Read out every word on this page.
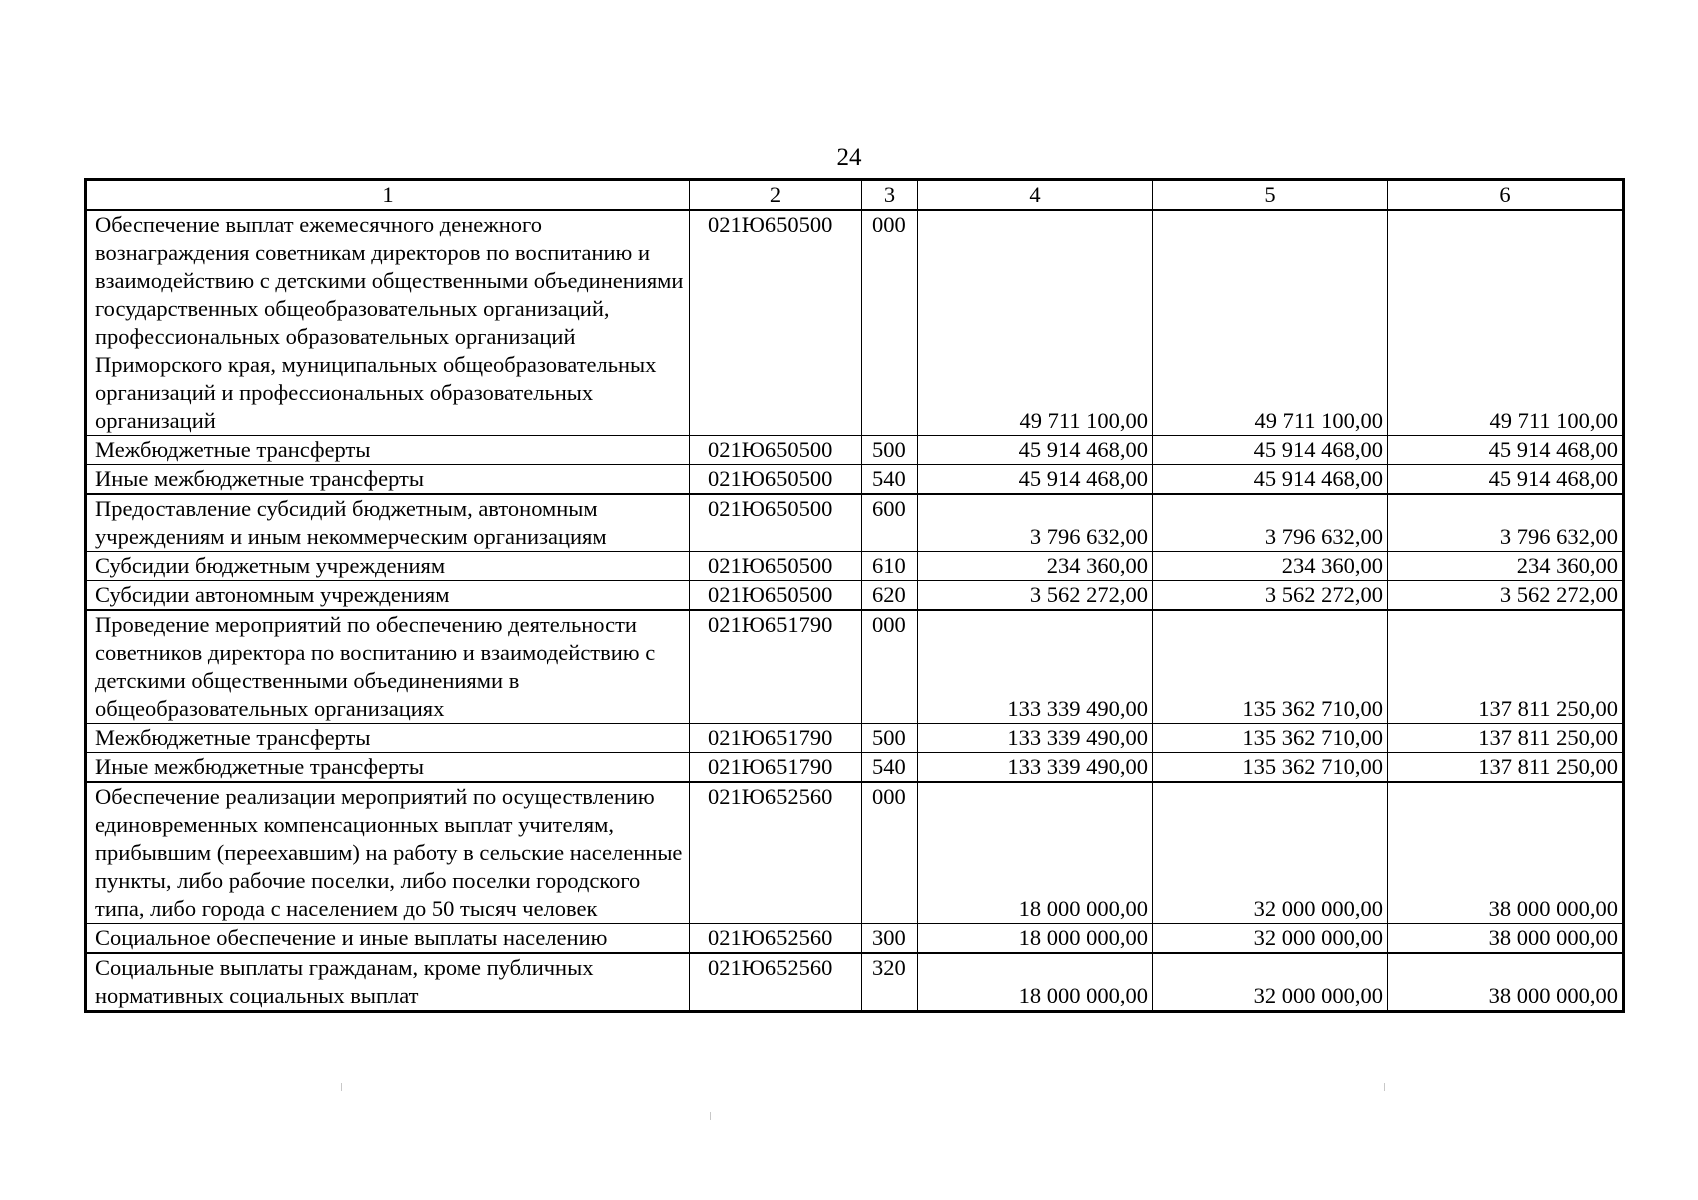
24
1	2	3	4	5	6
Обеспечение выплат ежемесячного денежного вознаграждения советникам директоров по воспитанию и взаимодействию с детскими общественными объединениями государственных общеобразовательных организаций, профессиональных образовательных организаций Приморского края, муниципальных общеобразовательных организаций и профессиональных образовательных организаций	021Ю650500	000	49 711 100,00	49 711 100,00	49 711 100,00
Межбюджетные трансферты	021Ю650500	500	45 914 468,00	45 914 468,00	45 914 468,00
Иные межбюджетные трансферты	021Ю650500	540	45 914 468,00	45 914 468,00	45 914 468,00
Предоставление субсидий бюджетным, автономным учреждениям и иным некоммерческим организациям	021Ю650500	600	3 796 632,00	3 796 632,00	3 796 632,00
Субсидии бюджетным учреждениям	021Ю650500	610	234 360,00	234 360,00	234 360,00
Субсидии автономным учреждениям	021Ю650500	620	3 562 272,00	3 562 272,00	3 562 272,00
Проведение мероприятий по обеспечению деятельности советников директора по воспитанию и взаимодействию с детскими общественными объединениями в общеобразовательных организациях	021Ю651790	000	133 339 490,00	135 362 710,00	137 811 250,00
Межбюджетные трансферты	021Ю651790	500	133 339 490,00	135 362 710,00	137 811 250,00
Иные межбюджетные трансферты	021Ю651790	540	133 339 490,00	135 362 710,00	137 811 250,00
Обеспечение реализации мероприятий по осуществлению единовременных компенсационных выплат учителям, прибывшим (переехавшим) на работу в сельские населенные пункты, либо рабочие поселки, либо поселки городского типа, либо города с населением до 50 тысяч человек	021Ю652560	000	18 000 000,00	32 000 000,00	38 000 000,00
Социальное обеспечение и иные выплаты населению	021Ю652560	300	18 000 000,00	32 000 000,00	38 000 000,00
Социальные выплаты гражданам, кроме публичных нормативных социальных выплат	021Ю652560	320	18 000 000,00	32 000 000,00	38 000 000,00
